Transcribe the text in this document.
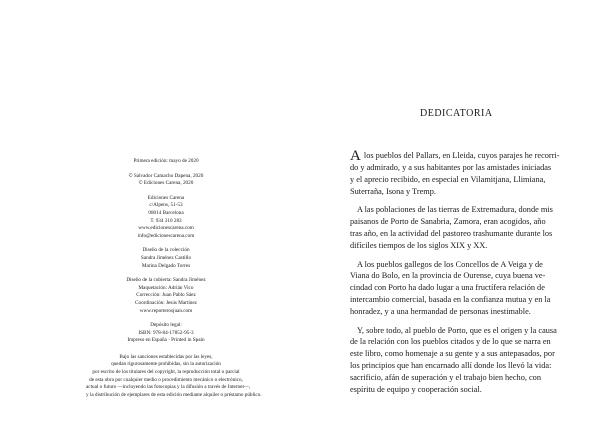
Primera edición: mayo de 2020
© Salvador Camacho Dapena, 2020
© Ediciones Carena, 2020
Ediciones Carena
c/Alpens, 51-53
08014 Barcelona
T. 934 310 283
www.edicionescarena.com
info@edicionescarena.com
Diseño de la colección
Sandra Jiménez Castillo
Marina Delgado Torres
Diseño de la cubierta: Sandra Jiménez
Maquetación: Adrián Vico
Corrección: Juan Pablo Sáez
Coordinación: Jesús Martínez
www.reporterosjuan.com
Depósito legal:
ISBN: 978-84-17852-95-3
Impreso en España · Printed in Spain
Bajo las sanciones establecidas por las leyes,
quedan rigurosamente prohibidas, sin la autorización
por escrito de los titulares del copyright, la reproducción total o parcial
de esta obra por cualquier medio o procedimiento mecánico o electrónico,
actual o futuro —incluyendo las fotocopias y la difusión a través de Internet—,
y la distribución de ejemplares de esta edición mediante alquiler o préstamo público.
DEDICATORIA
A los pueblos del Pallars, en Lleida, cuyos parajes he recorri-
do y admirado, y a sus habitantes por las amistades iniciadas
y el aprecio recibido, en especial en Vilamitjana, Llimiana,
Suterraña, Isona y Tremp.
A las poblaciones de las tierras de Extremadura, donde mis
paisanos de Porto de Sanabria, Zamora, eran acogidos, año
tras año, en la actividad del pastoreo trashumante durante los
difíciles tiempos de los siglos XIX y XX.
A los pueblos gallegos de los Concellos de A Veiga y de
Viana do Bolo, en la provincia de Ourense, cuya buena ve-
cindad con Porto ha dado lugar a una fructífera relación de
intercambio comercial, basada en la confianza mutua y en la
honradez, y a una hermandad de personas inestimable.
Y, sobre todo, al pueblo de Porto, que es el origen y la causa
de la relación con los pueblos citados y de lo que se narra en
este libro, como homenaje a su gente y a sus antepasados, por
los principios que han encarnado allí donde los llevó la vida:
sacrificio, afán de superación y el trabajo bien hecho, con
espíritu de equipo y cooperación social.
